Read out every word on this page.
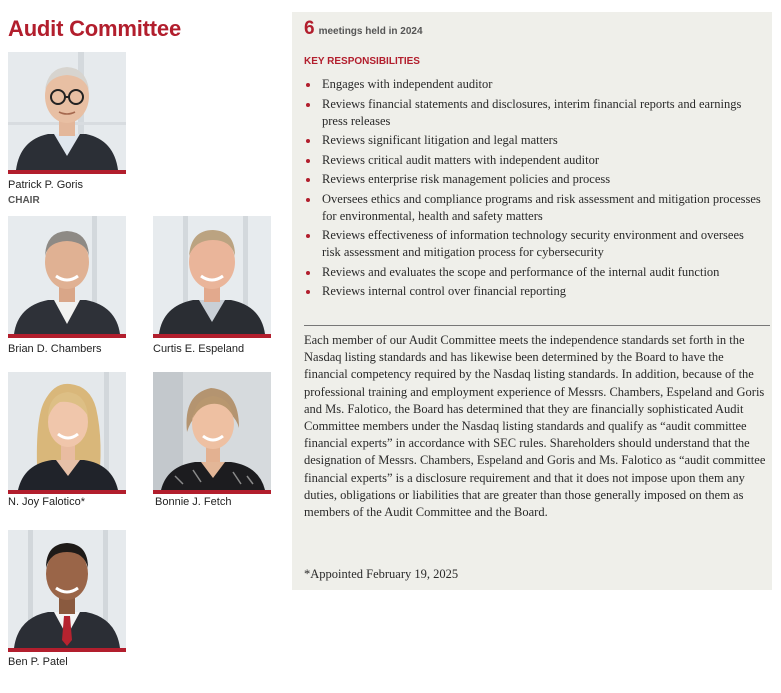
Audit Committee
Patrick P. Goris
CHAIR
Brian D. Chambers	Curtis E. Espeland
N. Joy Falotico*	Bonnie J. Fetch
Ben P. Patel
6 meetings held in 2024
KEY RESPONSIBILITIES
Engages with independent auditor
Reviews financial statements and disclosures, interim financial reports and earnings press releases
Reviews significant litigation and legal matters
Reviews critical audit matters with independent auditor
Reviews enterprise risk management policies and process
Oversees ethics and compliance programs and risk assessment and mitigation processes for environmental, health and safety matters
Reviews effectiveness of information technology security environment and oversees risk assessment and mitigation process for cybersecurity
Reviews and evaluates the scope and performance of the internal audit function
Reviews internal control over financial reporting

Each member of our Audit Committee meets the independence standards set forth in the Nasdaq listing standards and has likewise been determined by the Board to have the financial competency required by the Nasdaq listing standards. In addition, because of the professional training and employment experience of Messrs. Chambers, Espeland and Goris and Ms. Falotico, the Board has determined that they are financially sophisticated Audit Committee members under the Nasdaq listing standards and qualify as “audit committee financial experts” in accordance with SEC rules. Shareholders should understand that the designation of Messrs. Chambers, Espeland and Goris and Ms. Falotico as “audit committee financial experts” is a disclosure requirement and that it does not impose upon them any duties, obligations or liabilities that are greater than those generally imposed on them as members of the Audit Committee and the Board.

*Appointed February 19, 2025
